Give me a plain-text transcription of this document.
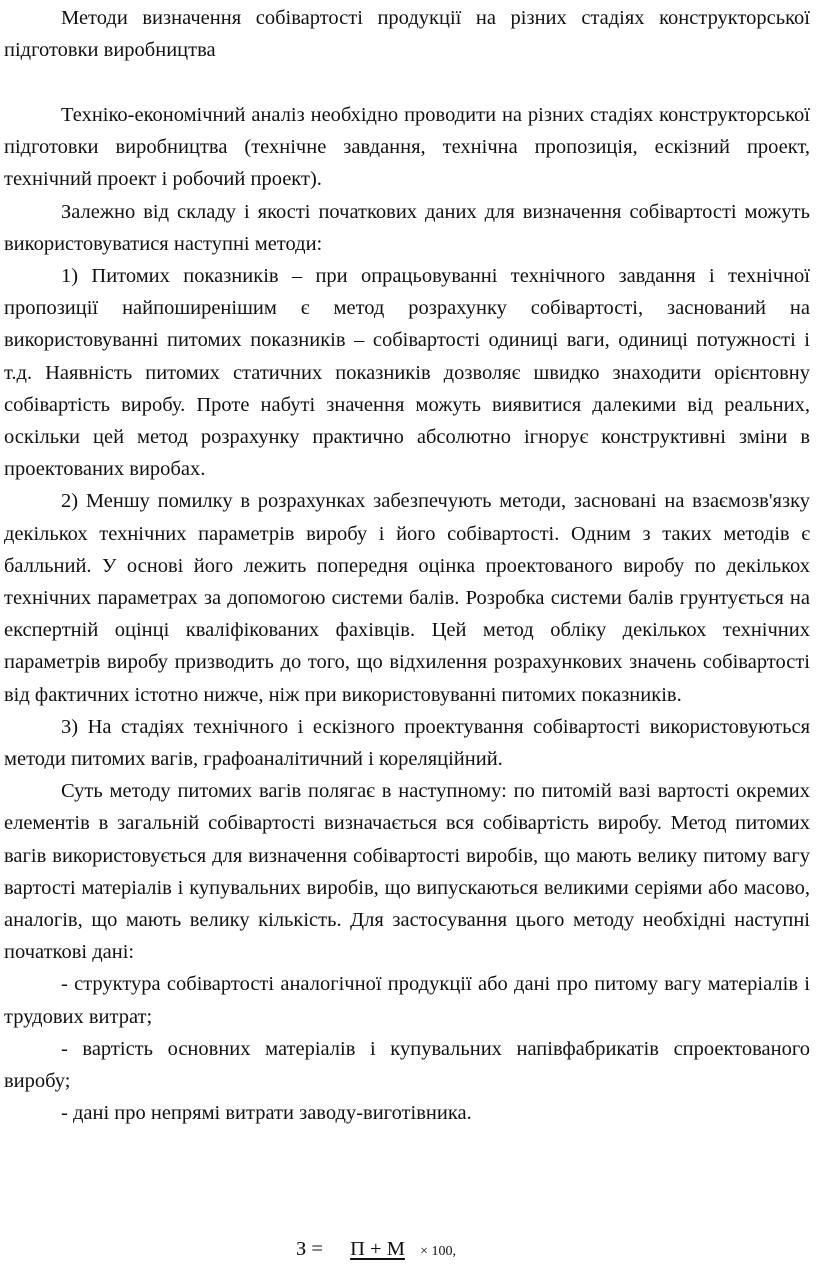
Методи визначення собівартості продукції на різних стадіях конструкторської підготовки виробництва

Техніко-економічний аналіз необхідно проводити на різних стадіях конструкторської підготовки виробництва (технічне завдання, технічна пропозиція, ескізний проект, технічний проект і робочий проект).

Залежно від складу і якості початкових даних для визначення собівартості можуть використовуватися наступні методи:

1) Питомих показників – при опрацьовуванні технічного завдання і технічної пропозиції найпоширенішим є метод розрахунку собівартості, заснований на використовуванні питомих показників – собівартості одиниці ваги, одиниці потужності і т.д. Наявність питомих статичних показників дозволяє швидко знаходити орієнтовну собівартість виробу. Проте набуті значення можуть виявитися далекими від реальних, оскільки цей метод розрахунку практично абсолютно ігнорує конструктивні зміни в проектованих виробах.

2) Меншу помилку в розрахунках забезпечують методи, засновані на взаємозв'язку декількох технічних параметрів виробу і його собівартості. Одним з таких методів є балльний. У основі його лежить попередня оцінка проектованого виробу по декількох технічних параметрах за допомогою системи балів. Розробка системи балів грунтується на експертній оцінці кваліфікованих фахівців. Цей метод обліку декількох технічних параметрів виробу призводить до того, що відхилення розрахункових значень собівартості від фактичних істотно нижче, ніж при використовуванні питомих показників.

3) На стадіях технічного і ескізного проектування собівартості використовуються методи питомих вагів, графоаналітичний і кореляційний.

Суть методу питомих вагів полягає в наступному: по питомій вазі вартості окремих елементів в загальній собівартості визначається вся собівартість виробу. Метод питомих вагів використовується для визначення собівартості виробів, що мають велику питому вагу вартості матеріалів і купувальних виробів, що випускаються великими серіями або масово, аналогів, що мають велику кількість. Для застосування цього методу необхідні наступні початкові дані:

- структура собівартості аналогічної продукції або дані про питому вагу матеріалів і трудових витрат;

- вартість основних матеріалів і купувальних напівфабрикатів спроектованого виробу;

- дані про непрямі витрати заводу-виготівника.

З = П + М × 100,
